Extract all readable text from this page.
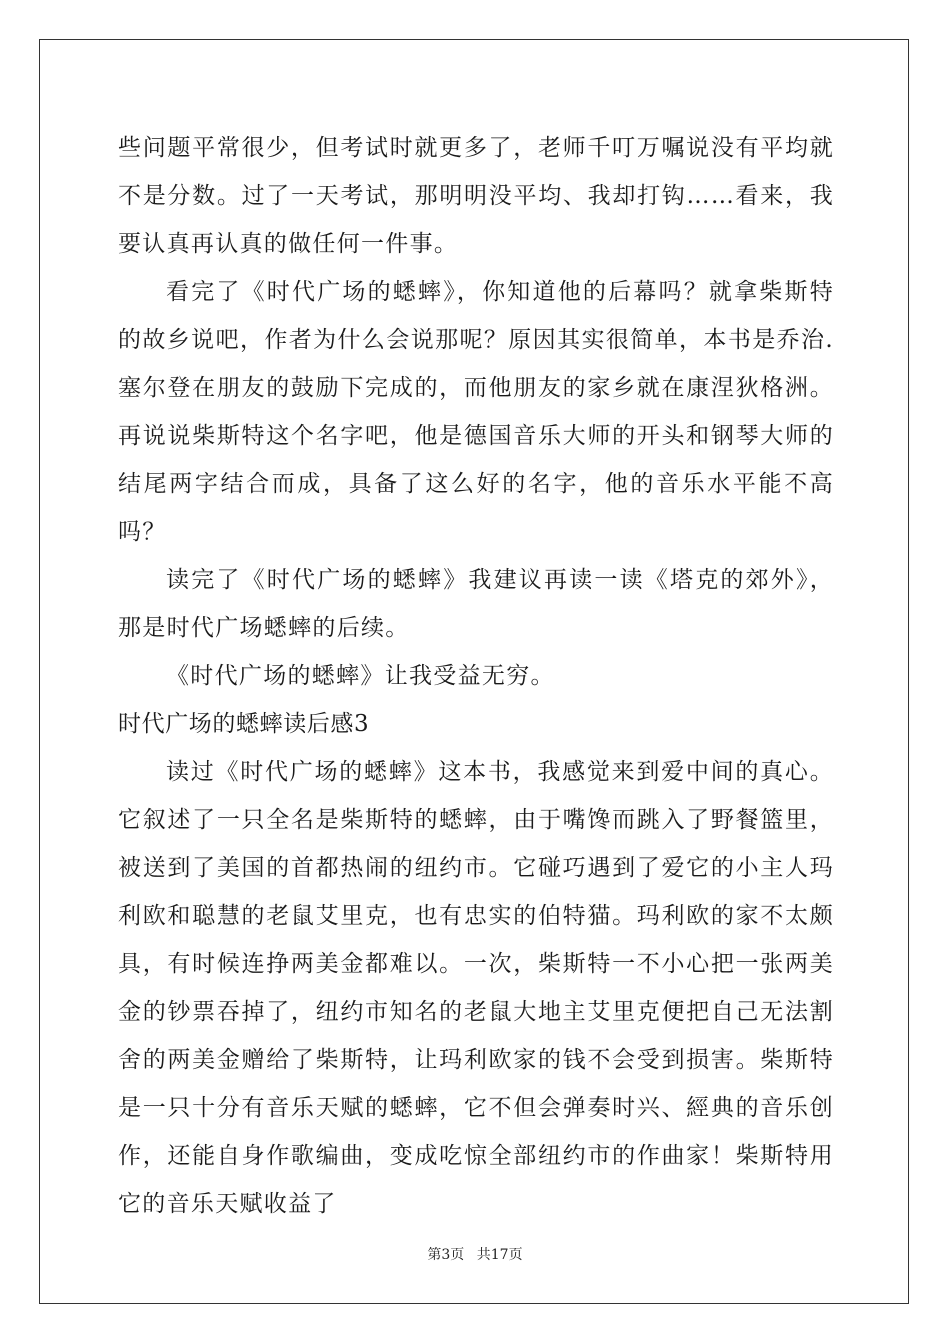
些问题平常很少，但考试时就更多了，老师千叮万嘱说没有平均就不是分数。过了一天考试，那明明没平均、我却打钩……看来，我要认真再认真的做任何一件事。

看完了《时代广场的蟋蟀》，你知道他的后幕吗？就拿柴斯特的故乡说吧，作者为什么会说那呢？原因其实很简单，本书是乔治.塞尔登在朋友的鼓励下完成的，而他朋友的家乡就在康涅狄格洲。再说说柴斯特这个名字吧，他是德国音乐大师的开头和钢琴大师的结尾两字结合而成，具备了这么好的名字，他的音乐水平能不高吗？

读完了《时代广场的蟋蟀》我建议再读一读《塔克的郊外》，那是时代广场蟋蟀的后续。

《时代广场的蟋蟀》让我受益无穷。

时代广场的蟋蟀读后感3

读过《时代广场的蟋蟀》这本书，我感觉来到爱中间的真心。它叙述了一只全名是柴斯特的蟋蟀，由于嘴馋而跳入了野餐篮里，被送到了美国的首都热闹的纽约市。它碰巧遇到了爱它的小主人玛利欧和聪慧的老鼠艾里克，也有忠实的伯特猫。玛利欧的家不太颇具，有时候连挣两美金都难以。一次，柴斯特一不小心把一张两美金的钞票吞掉了，纽约市知名的老鼠大地主艾里克便把自己无法割舍的两美金赠给了柴斯特，让玛利欧家的钱不会受到损害。柴斯特是一只十分有音乐天赋的蟋蟀，它不但会弹奏时兴、經典的音乐创作，还能自身作歌编曲，变成吃惊全部纽约市的作曲家！柴斯特用它的音乐天赋收益了

第3页 共17页
